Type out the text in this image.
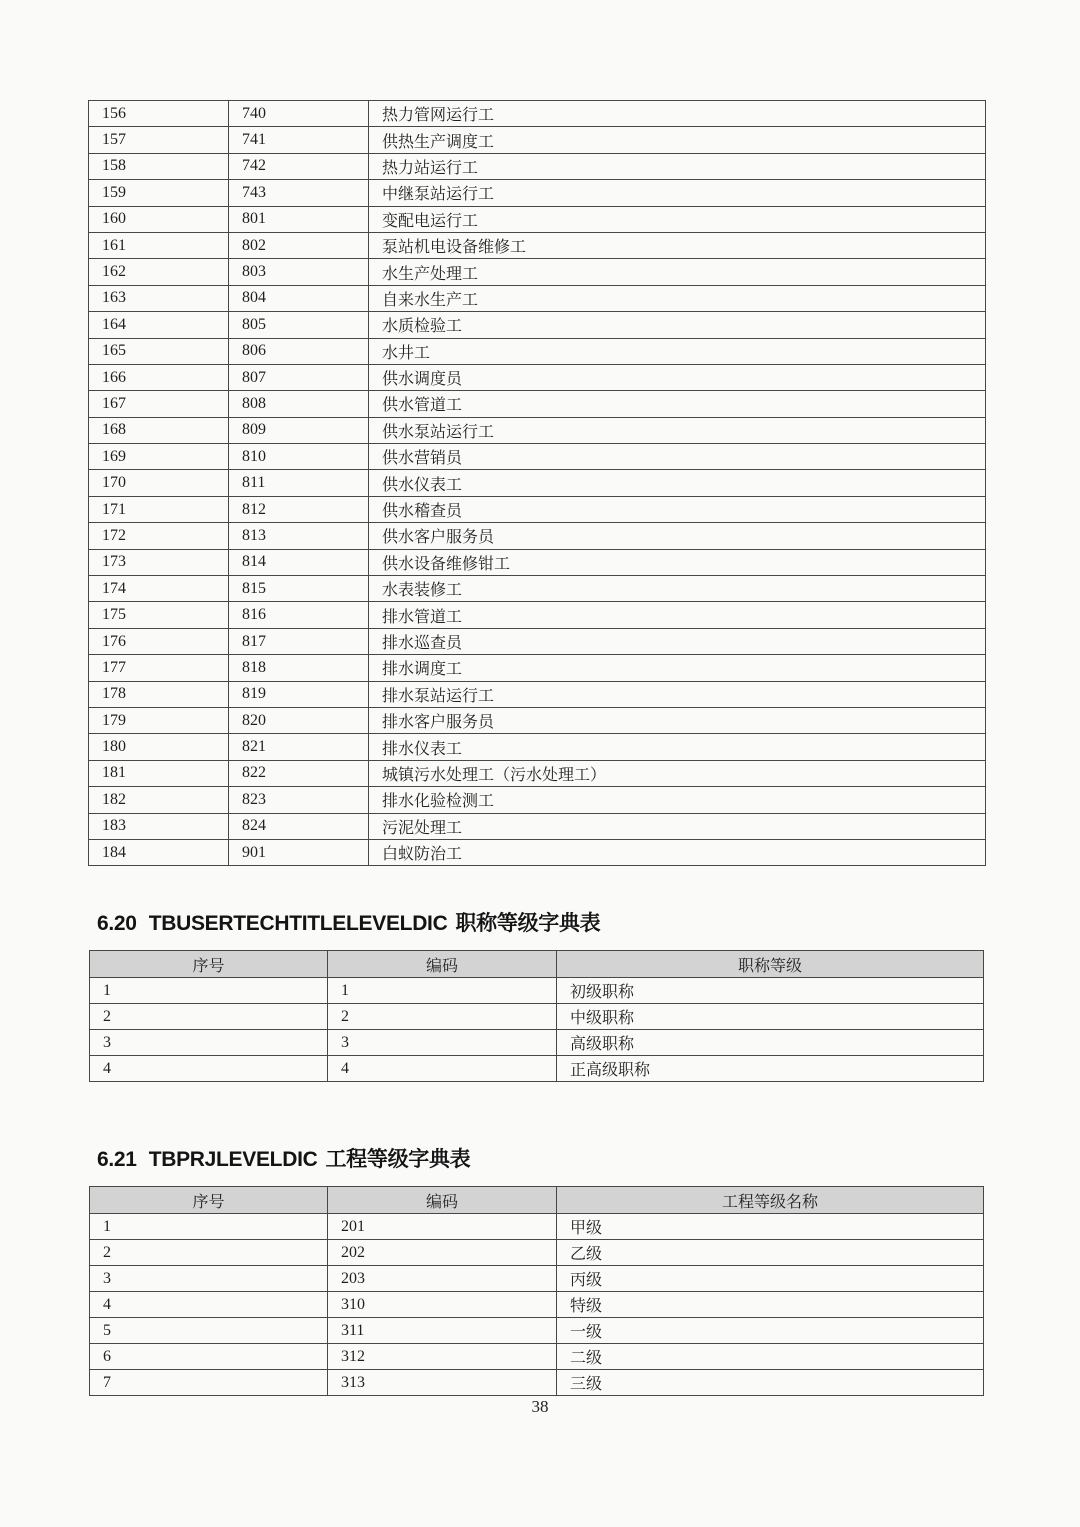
156	740	热力管网运行工
157	741	供热生产调度工
158	742	热力站运行工
159	743	中继泵站运行工
160	801	变配电运行工
161	802	泵站机电设备维修工
162	803	水生产处理工
163	804	自来水生产工
164	805	水质检验工
165	806	水井工
166	807	供水调度员
167	808	供水管道工
168	809	供水泵站运行工
169	810	供水营销员
170	811	供水仪表工
171	812	供水稽查员
172	813	供水客户服务员
173	814	供水设备维修钳工
174	815	水表装修工
175	816	排水管道工
176	817	排水巡查员
177	818	排水调度工
178	819	排水泵站运行工
179	820	排水客户服务员
180	821	排水仪表工
181	822	城镇污水处理工（污水处理工）
182	823	排水化验检测工
183	824	污泥处理工
184	901	白蚁防治工
6.20 TBUSERTECHTITLELEVELDIC 职称等级字典表
序号	编码	职称等级
1	1	初级职称
2	2	中级职称
3	3	高级职称
4	4	正高级职称
6.21 TBPRJLEVELDIC 工程等级字典表
序号	编码	工程等级名称
1	201	甲级
2	202	乙级
3	203	丙级
4	310	特级
5	311	一级
6	312	二级
7	313	三级
38
